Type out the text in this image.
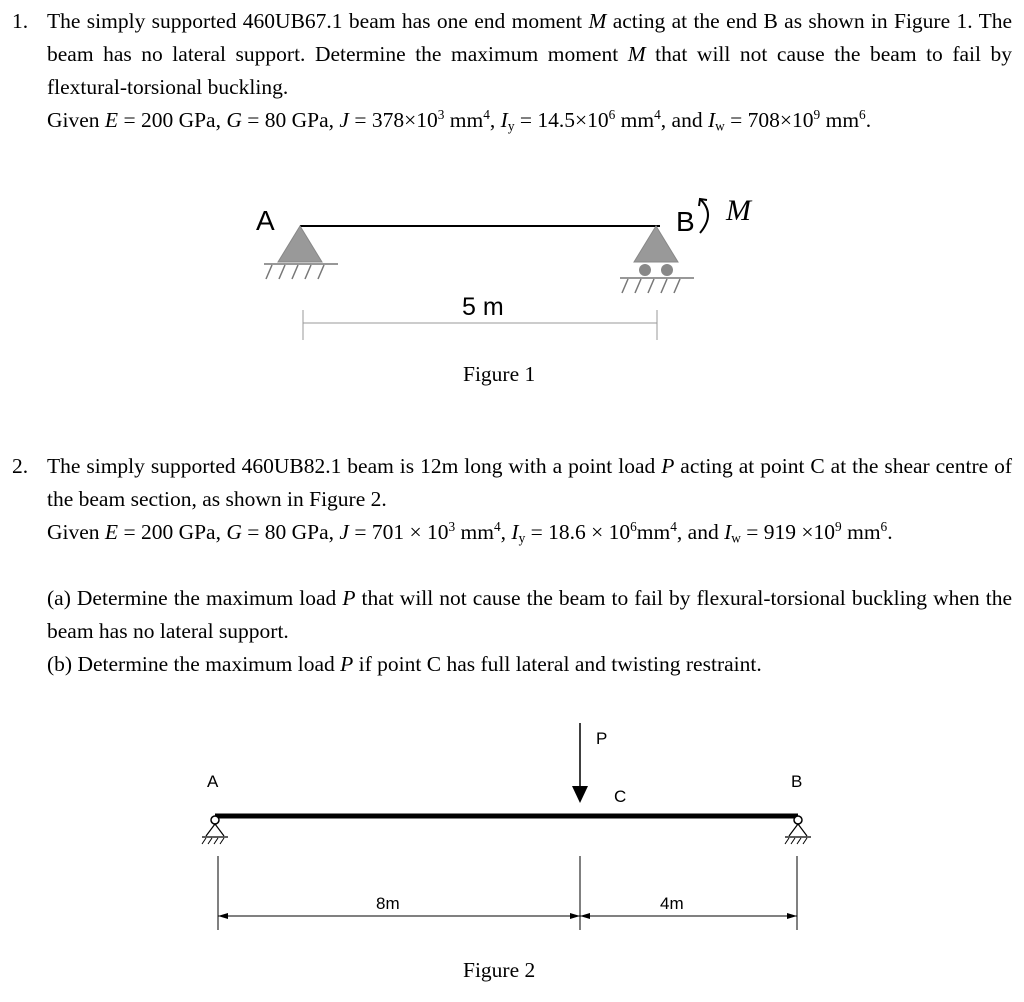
1. The simply supported 460UB67.1 beam has one end moment M acting at the end B as shown in Figure 1. The beam has no lateral support. Determine the maximum moment M that will not cause the beam to fail by flextural-torsional buckling.

Given E = 200 GPa, G = 80 GPa, $J = 378\times 10^3$ $mm^4$, $I_y = 14.5\times 10^6$ $mm^4$, and $I_w = 708\times 10^9$ $mm^6$.

A	B M
5 m
Figure 1
2. The simply supported 460UB82.1 beam is 12m long with a point load P acting at point C at the shear centre of the beam section, as shown in Figure 2.

Given E = 200 GPa, G = 80 GPa, $J = 701 \times 10^3$ $mm^4$, $I_y = 18.6 \times 10^6mm^4$, and $I_w = 919 \times 10^9$ $mm^6$.

(a) Determine the maximum load P that will not cause the beam to fail by flexural-torsional buckling when the beam has no lateral support.

(b) Determine the maximum load P if point C has full lateral and twisting restraint.

A	B
P
C
8m	4m
Figure 2
